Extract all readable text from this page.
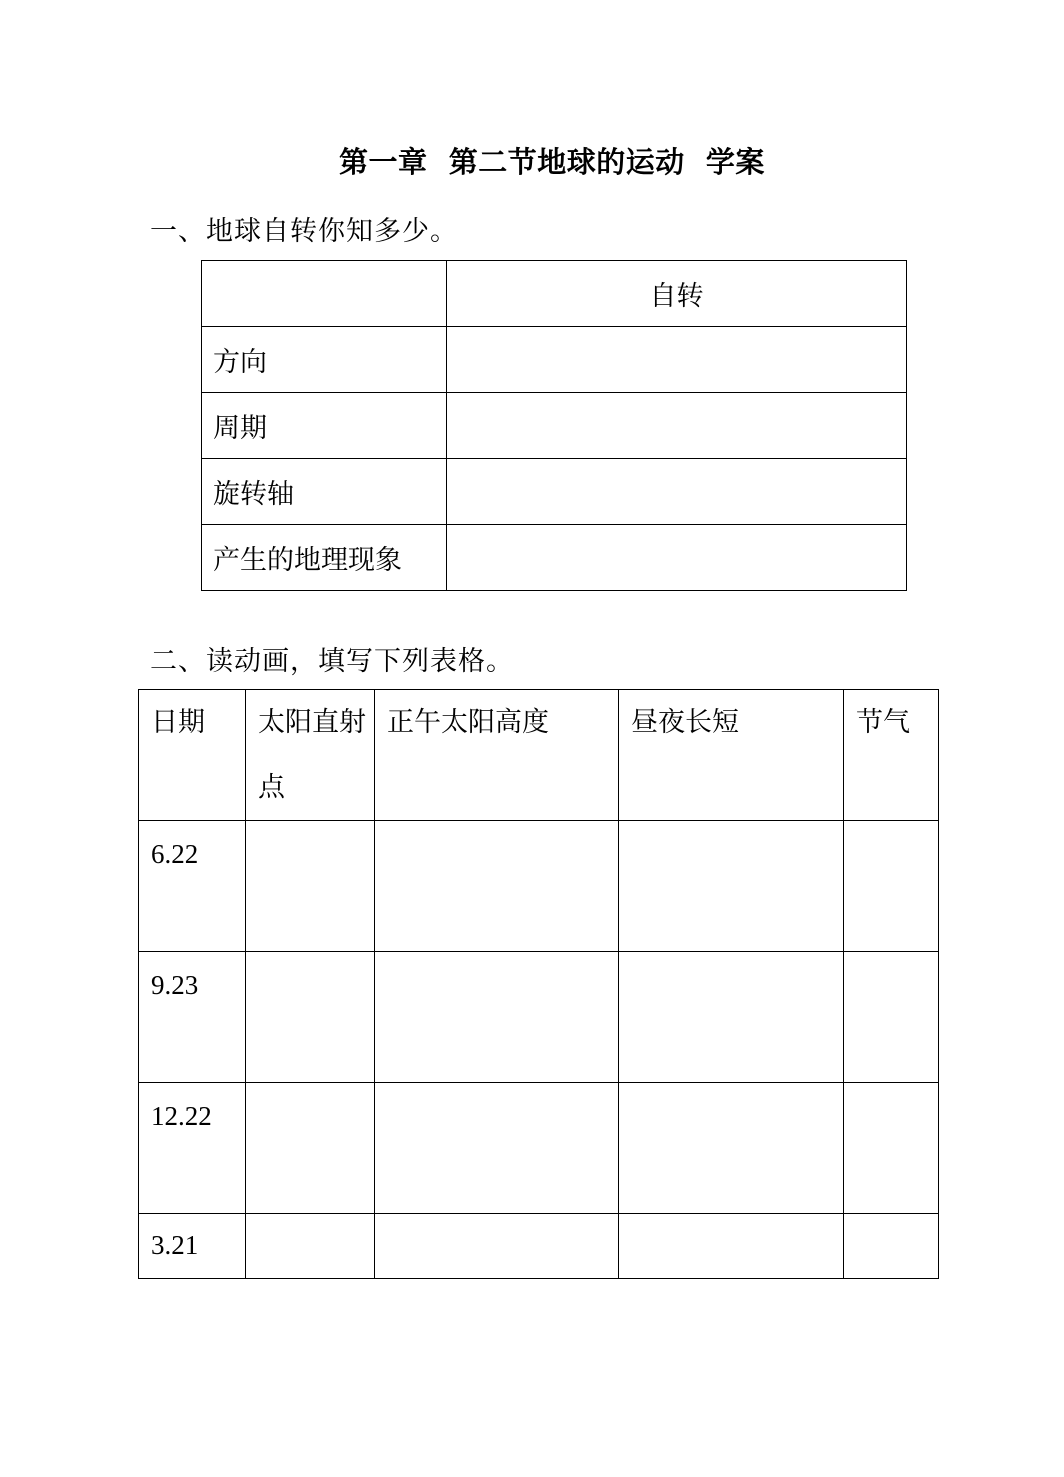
第一章  第二节地球的运动  学案
一、地球自转你知多少。
	自转
方向	
周期	
旋转轴	
产生的地理现象	
二、读动画，填写下列表格。
日期	太阳直射点	正午太阳高度	昼夜长短	节气
6.22				
9.23				
12.22				
3.21				
